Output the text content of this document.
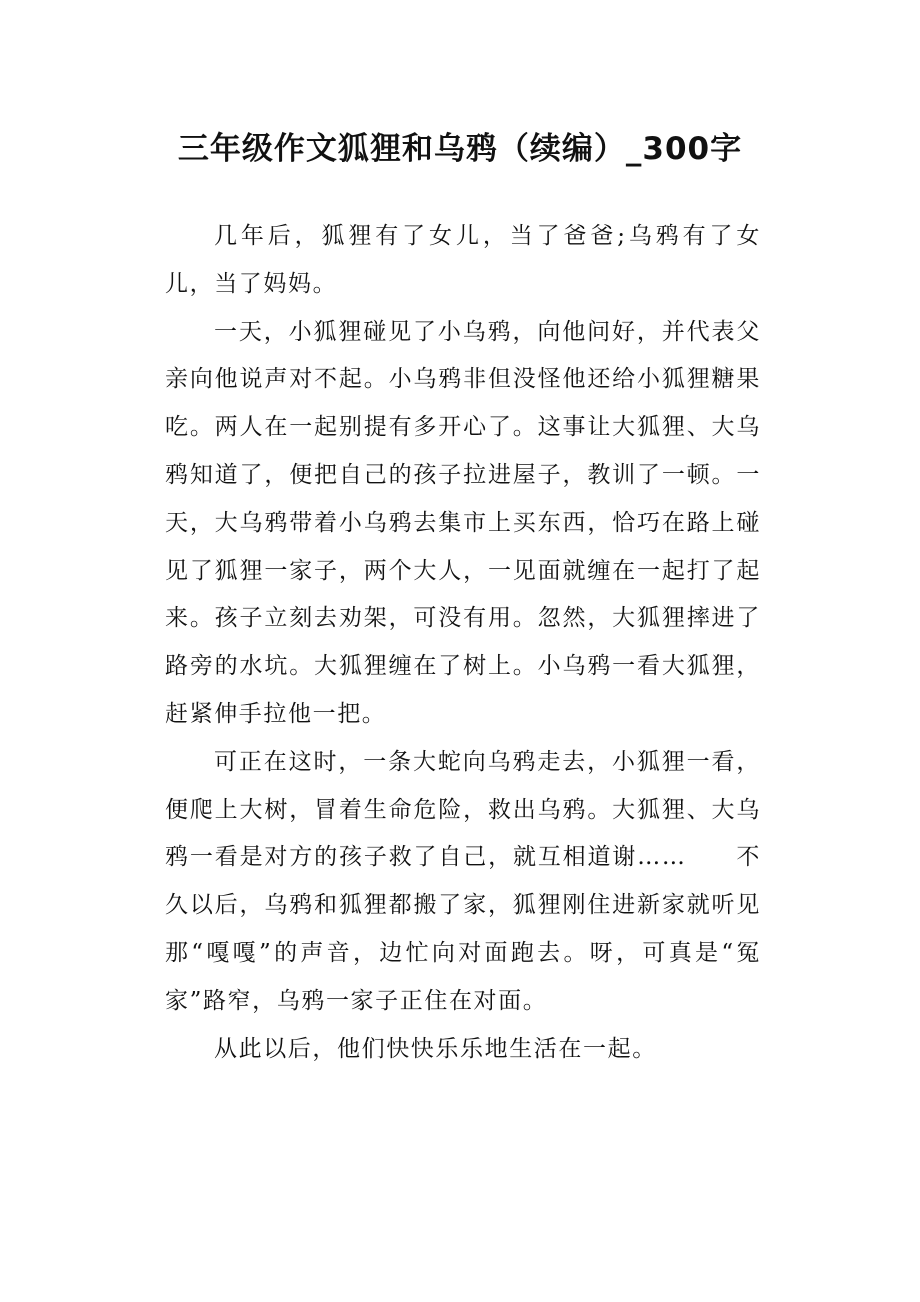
三年级作文狐狸和乌鸦（续编）_300字

几年后，狐狸有了女儿，当了爸爸;乌鸦有了女儿，当了妈妈。

一天，小狐狸碰见了小乌鸦，向他问好，并代表父亲向他说声对不起。小乌鸦非但没怪他还给小狐狸糖果吃。两人在一起别提有多开心了。这事让大狐狸、大乌鸦知道了，便把自己的孩子拉进屋子，教训了一顿。一天，大乌鸦带着小乌鸦去集市上买东西，恰巧在路上碰见了狐狸一家子，两个大人，一见面就缠在一起打了起来。孩子立刻去劝架，可没有用。忽然，大狐狸摔进了路旁的水坑。大狐狸缠在了树上。小乌鸦一看大狐狸，赶紧伸手拉他一把。

可正在这时，一条大蛇向乌鸦走去，小狐狸一看，便爬上大树，冒着生命危险，救出乌鸦。大狐狸、大乌鸦一看是对方的孩子救了自己，就互相道谢……　　不久以后，乌鸦和狐狸都搬了家，狐狸刚住进新家就听见那“嘎嘎”的声音，边忙向对面跑去。呀，可真是“冤家”路窄，乌鸦一家子正住在对面。

从此以后，他们快快乐乐地生活在一起。
